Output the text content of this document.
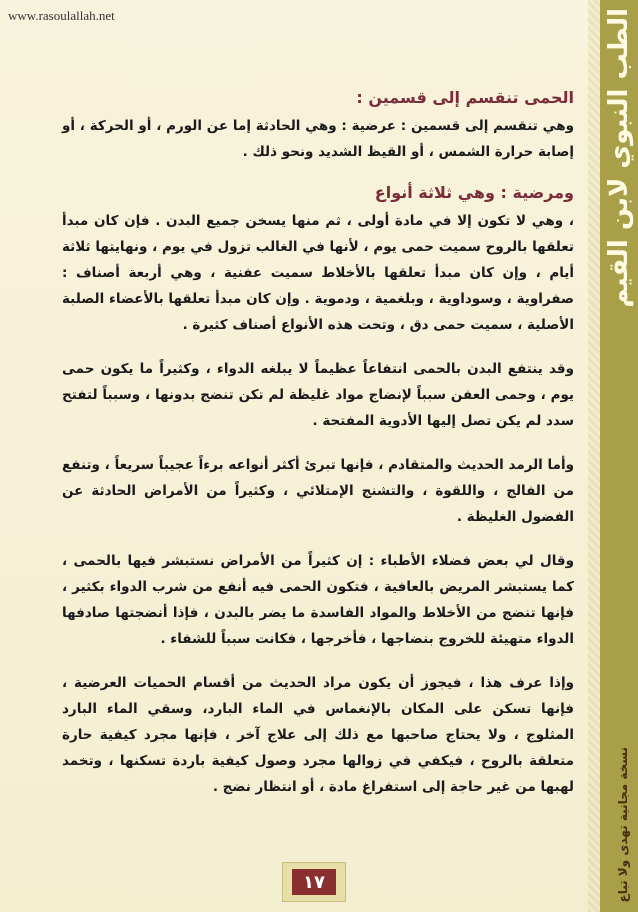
www.rasoulallah.net	الطب النبوي لابن القيم
نسخة مجانية تهدى ولا تباع
الحمى تنقسم إلى قسمين :

وهي تنقسم إلى قسمين : عرضية : وهي الحادثة إما عن الورم ، أو الحركة ، أو إصابة حرارة الشمس ، أو القيظ الشديد ونحو ذلك .

ومرضية : وهي ثلاثة أنواع

، وهي لا تكون إلا في مادة أولى ، ثم منها يسخن جميع البدن . فإن كان مبدأ تعلقها بالروح سميت حمى يوم ، لأنها في الغالب تزول في يوم ، ونهايتها ثلاثة أيام ، وإن كان مبدأ تعلقها بالأخلاط سميت عفنية ، وهي أربعة أصناف : صفراوية ، وسوداوية ، وبلغمية ، ودموية . وإن كان مبدأ تعلقها بالأعضاء الصلبة الأصلية ، سميت حمى دق ، وتحت هذه الأنواع أصناف كثيرة .

وقد ينتفع البدن بالحمى انتفاعاً عظيماً لا يبلغه الدواء ، وكثيراً ما يكون حمى يوم ، وحمى العفن سبباً لإنضاج مواد غليظة لم تكن تنضج بدونها ، وسبباً لتفتح سدد لم يكن تصل إليها الأدوية المفتحة .

وأما الرمد الحديث والمتقادم ، فإنها تبرئ أكثر أنواعه برءاً عجيباً سريعاً ، وتنفع من الفالج ، واللقوة ، والتشنج الإمتلائي ، وكثيراً من الأمراض الحادثة عن الفضول الغليظة .

وقال لي بعض فضلاء الأطباء : إن كثيراً من الأمراض نستبشر فيها بالحمى ، كما يستبشر المريض بالعافية ، فتكون الحمى فيه أنفع من شرب الدواء بكثير ، فإنها تنضج من الأخلاط والمواد الفاسدة ما يضر بالبدن ، فإذا أنضجتها صادفها الدواء متهيئة للخروج بنضاجها ، فأخرجها ، فكانت سبباً للشفاء .

وإذا عرف هذا ، فيجوز أن يكون مراد الحديث من أقسام الحميات العرضية ، فإنها تسكن على المكان بالإنغماس في الماء البارد، وسقي الماء البارد المثلوج ، ولا يحتاج صاحبها مع ذلك إلى علاج آخر ، فإنها مجرد كيفية حارة متعلقة بالروح ، فيكفي في زوالها مجرد وصول كيفية باردة تسكنها ، وتخمد لهبها من غير حاجة إلى استفراغ مادة ، أو انتظار نضج .

١٧
